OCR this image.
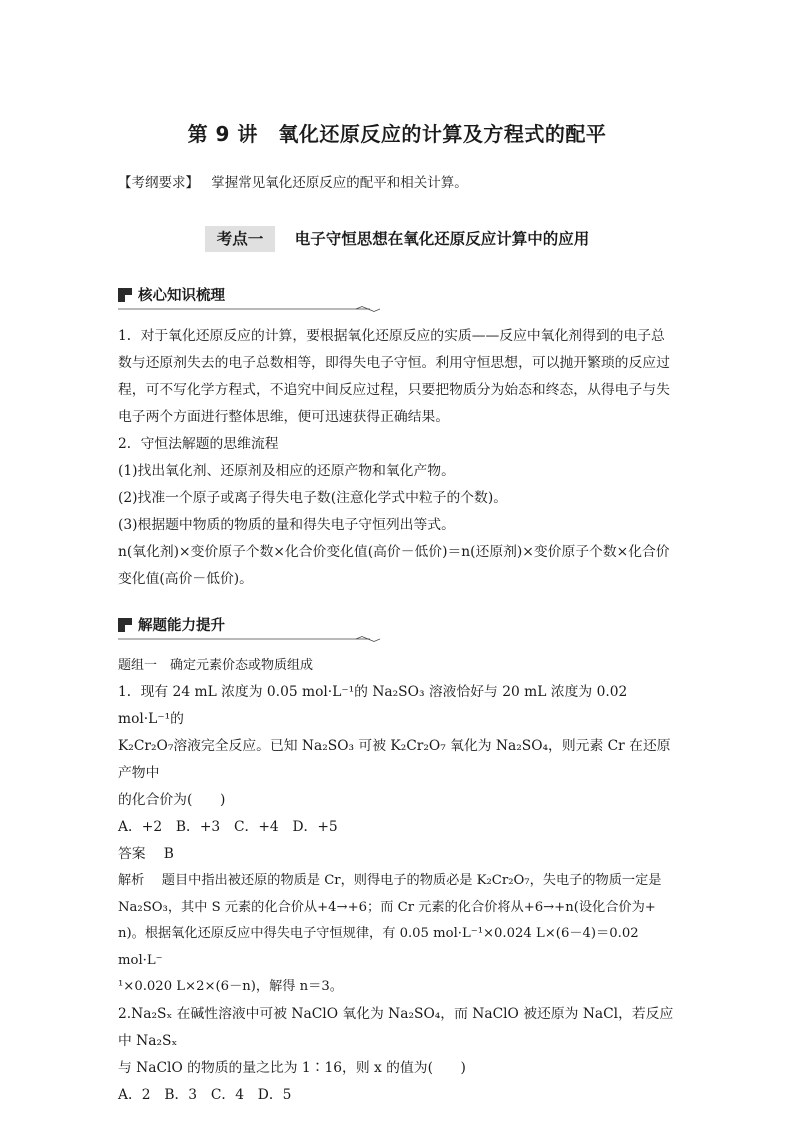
第 9 讲　氧化还原反应的计算及方程式的配平
【考纲要求】 掌握常见氧化还原反应的配平和相关计算。
考点一 电子守恒思想在氧化还原反应计算中的应用
核心知识梳理

1．对于氧化还原反应的计算，要根据氧化还原反应的实质——反应中氧化剂得到的电子总

数与还原剂失去的电子总数相等，即得失电子守恒。利用守恒思想，可以抛开繁琐的反应过

程，可不写化学方程式，不追究中间反应过程，只要把物质分为始态和终态，从得电子与失

电子两个方面进行整体思维，便可迅速获得正确结果。

2．守恒法解题的思维流程

(1)找出氧化剂、还原剂及相应的还原产物和氧化产物。

(2)找准一个原子或离子得失电子数(注意化学式中粒子的个数)。

(3)根据题中物质的物质的量和得失电子守恒列出等式。

n(氧化剂)×变价原子个数×化合价变化值(高价－低价)＝n(还原剂)×变价原子个数×化合价

变化值(高价－低价)。

解题能力提升

题组一　确定元素价态或物质组成

1．现有 24 mL 浓度为 0.05 mol·L⁻¹的 Na₂SO₃ 溶液恰好与 20 mL 浓度为 0.02 mol·L⁻¹的

K₂Cr₂O₇溶液完全反应。已知 Na₂SO₃ 可被 K₂Cr₂O₇ 氧化为 Na₂SO₄，则元素 Cr 在还原产物中

的化合价为(　　)

A．+2　B．+3　C．+4　D．+5

答案　 B

解析　 题目中指出被还原的物质是 Cr，则得电子的物质必是 K₂Cr₂O₇，失电子的物质一定是

Na₂SO₃，其中 S 元素的化合价从+4→+6；而 Cr 元素的化合价将从+6→+n(设化合价为+

n)。根据氧化还原反应中得失电子守恒规律，有 0.05 mol·L⁻¹×0.024 L×(6－4)＝0.02 mol·L⁻

¹×0.020 L×2×(6－n)，解得 n＝3。

2.Na₂Sₓ 在碱性溶液中可被 NaClO 氧化为 Na₂SO₄，而 NaClO 被还原为 NaCl，若反应中 Na₂Sₓ

与 NaClO 的物质的量之比为 1∶16，则 x 的值为(　　)

A．2　B．3　C．4　D．5
